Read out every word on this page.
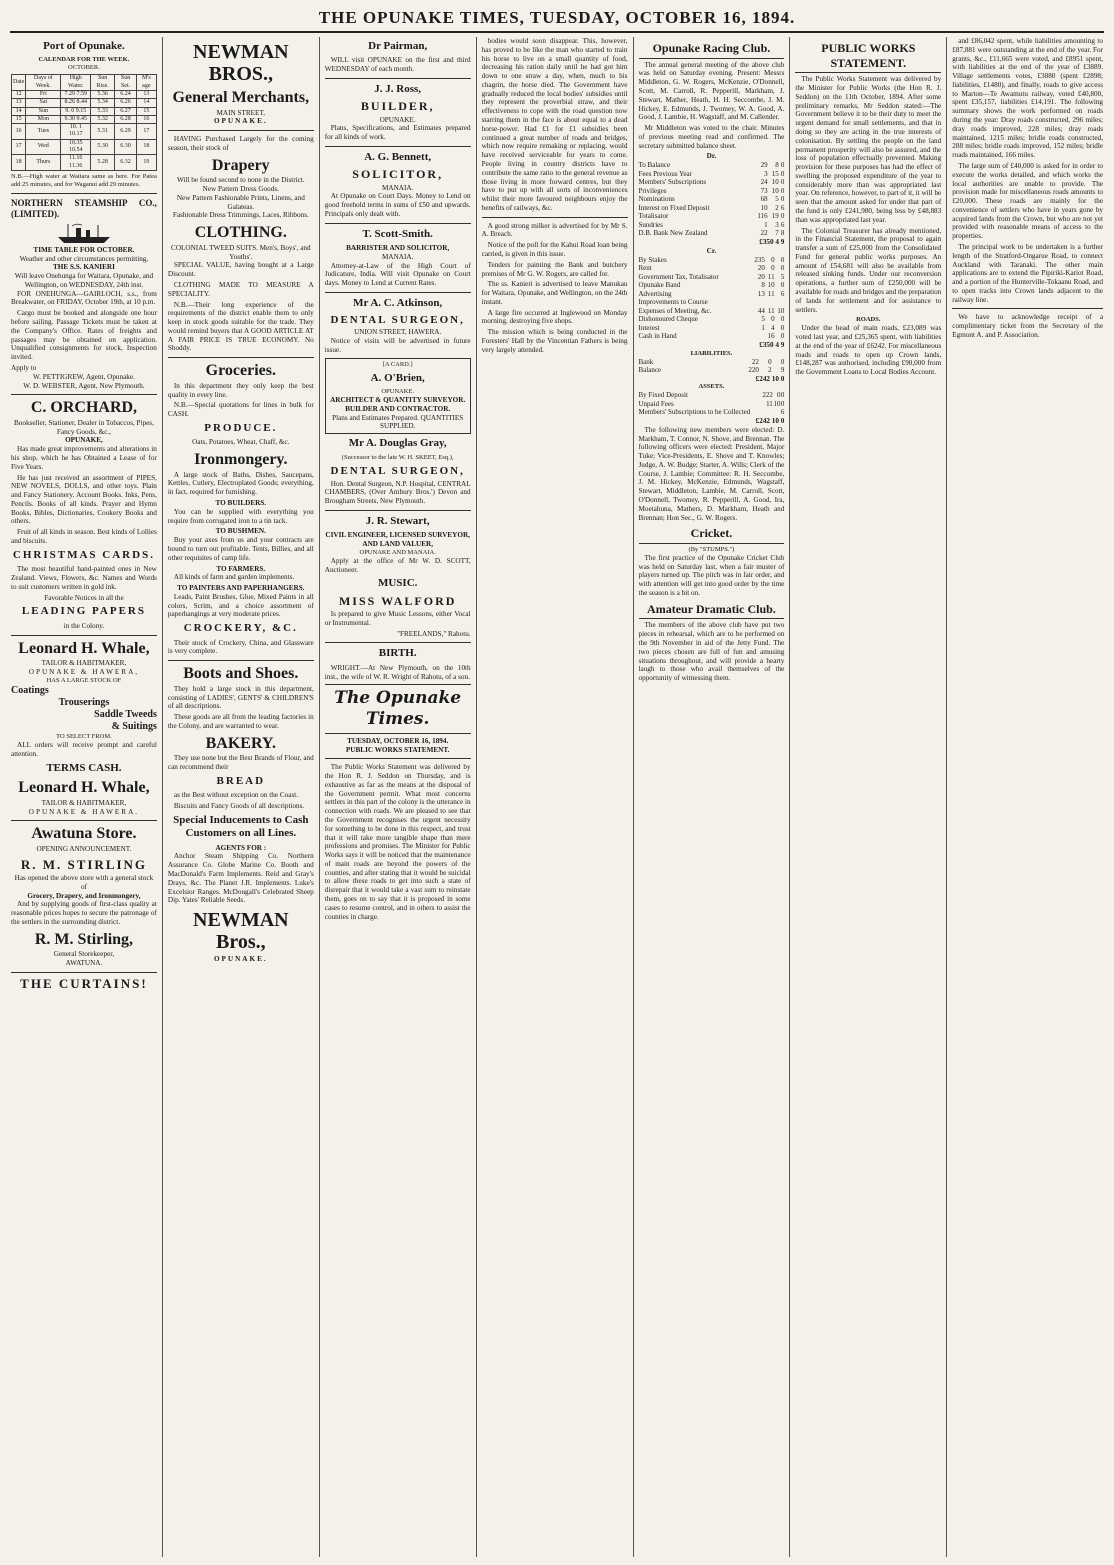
THE OPUNAKE TIMES, TUESDAY, OCTOBER 16, 1894.
Port of Opunake.
CALENDAR FOR THE WEEK.
OCTOBER.
Date	Days of Week.	High Water.	Sun Rise.	Sun Set.	M's age
12	Fri	7.29 7.59	5.36	6.24	13
13	Sat	8.26 8.44	5.34	6.26	14
14	Sun	9. 0 9.15	5.33	6.27	15
15	Mon	9.30 9.45	5.32	6.28	16
16	Tues	10. 1 10.17	5.31	6.29	17
17	Wed	10.35 10.54	5.30	6.30	18
18	Thurs	11.16 11.36	5.28	6.32	19
N.B.—High water at Waitara same as here. For Patea add 25 minutes, and for Waganui add 29 minutes.
NORTHERN STEAMSHIP CO., (LIMITED).
TIME TABLE FOR OCTOBER.
Weather and other circumstances permitting,
THE S.S. KANIERI
Will leave Onehunga for Waitara, Opunake, and Wellington, on WEDNESDAY, 24th inst.

FOR ONEHUNGA—GAIRLOCH, s.s., from Breakwater, on FRIDAY, October 19th, at 10 p.m.

Cargo must be booked and alongside one hour before sailing. Passage Tickets must be taken at the Company's Office. Rates of freights and passages may be obtained on application. Unqualified consignments for stock, Inspection invited.

Apply to
W. PETTIGREW, Agent, Opunake.
W. D. WEBSTER, Agent, New Plymouth.
C. ORCHARD,
Bookseller, Stationer, Dealer in Tobaccos, Pipes, Fancy Goods, &c.,
OPUNAKE,

Has made great improvements and alterations in his shop, which he has Obtained a Lease of for Five Years.

He has just received an assortment of PIPES, NEW NOVELS, DOLLS, and other toys. Plain and Fancy Stationery. Account Books. Inks, Pens, Pencils. Books of all kinds. Prayer and Hymn Books, Bibles, Dictionaries, Cookery Books and others.

Fruit of all kinds in season. Best kinds of Lollies and biscuits.

CHRISTMAS CARDS.

The most beautiful hand-painted ones in New Zealand. Views, Flowers, &c. Names and Words to suit customers written in gold ink.

Favorable Notices in all the
LEADING PAPERS
in the Colony.
Leonard H. Whale,
TAILOR & HABITMAKER,
OPUNAKE & HAWERA,
HAS A LARGE STOCK OF
Coatings
Trouserings
Saddle Tweeds
& Suitings
TO SELECT FROM.

ALL orders will receive prompt and careful attention.

TERMS CASH.
Leonard H. Whale,
TAILOR & HABITMAKER,
OPUNAKE & HAWERA.
Awatuna Store.
OPENING ANNOUNCEMENT.
R. M. STIRLING
Has opened the above store with a general stock of
Grocery, Drapery, and Ironmongery,

And by supplying goods of first-class quality at reasonable prices hopes to secure the patronage of the settlers in the surrounding district.

R. M. Stirling,
General Storekeeper,
AWATUNA.
THE CURTAINS!
NEWMAN BROS.,
General Merchants,
MAIN STREET,
OPUNAKE.

HAVING Purchased Largely for the coming season, their stock of

Drapery
Will be found second to none in the District.
New Pattern Dress Goods.
New Pattern Fashionable Prints, Linens, and Galateas.
Fashionable Dress Trimmings, Laces, Ribbons.
CLOTHING.
COLONIAL TWEED SUITS. Men's, Boys', and Youths'.

SPECIAL VALUE, having bought at a Large Discount.

CLOTHING MADE TO MEASURE A SPECIALITY.

N.B.—Their long experience of the requirements of the district enable them to only keep in stock goods suitable for the trade. They would remind buyers that A GOOD ARTICLE AT A FAIR PRICE IS TRUE ECONOMY. No Shoddy.

Groceries.

In this department they only keep the best quality in every line.

N.B.—Special quotations for lines in bulk for CASH.

PRODUCE.
Oats, Potatoes, Wheat, Chaff, &c.
Ironmongery.

A large stock of Baths, Dishes, Saucepans, Kettles, Cutlery, Electroplated Goods; everything, in fact, required for furnishing.

TO BUILDERS.

You can be supplied with everything you require from corrugated iron to a tin tack.

TO BUSHMEN.

Buy your axes from us and your contracts are bound to turn out profitable. Tents, Billies, and all other requisites of camp life.

TO FARMERS.

All kinds of farm and garden implements.

TO PAINTERS AND PAPERHANGERS.

Leads, Paint Brushes, Glue, Mixed Paints in all colors, Scrim, and a choice assortment of paperhangings at very moderate prices.

CROCKERY, &C.

Their stock of Crockery, China, and Glassware is very complete.

Boots and Shoes.

They hold a large stock in this department, consisting of LADIES', GENTS' & CHILDREN'S of all descriptions.

These goods are all from the leading factories in the Colony, and are warranted to wear.

BAKERY.

They use none but the Best Brands of Flour, and can recommend their

BREAD

as the Best without exception on the Coast.

Biscuits and Fancy Goods of all descriptions.

Special Inducements to Cash Customers on all Lines.
AGENTS FOR :

Anchor Steam Shipping Co. Northern Assurance Co. Globe Marine Co. Booth and MacDonald's Farm Implements. Reid and Gray's Drays, &c. The Planet J.R. Implements. Luke's Excelsior Ranges. McDougall's Celebrated Sheep Dip. Yates' Reliable Seeds.

NEWMAN Bros.,
OPUNAKE.
Dr Pairman,

WILL visit OPUNAKE on the first and third WEDNESDAY of each month.

J. J. Ross,
BUILDER,
OPUNAKE.

Plans, Specifications, and Estimates prepared for all kinds of work.

A. G. Bennett,
SOLICITOR,
MANAIA.

At Opunake on Court Days. Money to Lend on good freehold terms in sums of £50 and upwards. Principals only dealt with.

T. Scott-Smith.
BARRISTER AND SOLICITOR,
MANAIA.

Attorney-at-Law of the High Court of Judicature, India. Will visit Opunake on Court days. Money to Lend at Current Rates.

Mr A. C. Atkinson,
DENTAL SURGEON,
UNION STREET, HAWERA.

Notice of visits will be advertised in future issue.

[A CARD.]
A. O'Brien,
OPUNAKE.
ARCHITECT & QUANTITY SURVEYOR.
BUILDER AND CONTRACTOR.
Plans and Estimates Prepared. QUANTITIES SUPPLIED.
Mr A. Douglas Gray,
(Successor to the late W. H. SKEET, Esq.),
DENTAL SURGEON,

Hon. Dental Surgeon, N.P. Hospital, CENTRAL CHAMBERS, (Over Ambury Bros.') Devon and Brougham Streets, New Plymouth.

J. R. Stewart,
CIVIL ENGINEER, LICENSED SURVEYOR, AND LAND VALUER,
OPUNAKE AND MANAIA.

Apply at the office of Mr W. D. SCOTT, Auctioneer.

MUSIC.
MISS WALFORD

Is prepared to give Music Lessons, either Vocal or Instrumental.

"FREELANDS," Rahotu.
BIRTH.

WRIGHT.—At New Plymouth, on the 10th inst., the wife of W. R. Wright of Rahotu, of a son.

The Opunake Times.
TUESDAY, OCTOBER 16, 1894.
PUBLIC WORKS STATEMENT.

The Public Works Statement was delivered by the Hon R. J. Seddon on Thursday, and is exhaustive as far as the means at the disposal of the Government permit. What most concerns settlers in this part of the colony is the utterance in connection with roads. We are pleased to see that the Government recognises the urgent necessity for something to be done in this respect, and trust that it will take more tangible shape than mere professions and promises. The Minister for Public Works says it will be noticed that the maintenance of main roads are beyond the powers of the counties, and after stating that it would be suicidal to allow these roads to get into such a state of disrepair that it would take a vast sum to reinstate them, goes on to say that it is proposed in some cases to resume control, and in others to assist the counties in charge.

bodies would soon disappear. This, however, has proved to be like the man who started to train his horse to live on a small quantity of food, decreasing his ration daily until he had got him down to one straw a day, when, much to his chagrin, the horse died. The Government have gradually reduced the local bodies' subsidies until they represent the proverbial straw, and their effectiveness to cope with the road question now starring them in the face is about equal to a dead horse-power. Had £1 for £1 subsidies been continued a great number of roads and bridges, which now require remaking or replacing, would have received serviceable for years to come. People living in country districts have to contribute the same ratio to the general revenue as those living in more forward centres, but they have to put up with all sorts of inconveniences whilst their more favoured neighbours enjoy the benefits of railways, &c.

A good strong milker is advertised for by Mr S. A. Breach.

Notice of the poll for the Kahui Road loan being carried, is given in this issue.

Tenders for painting the Bank and butchery premises of Mr G. W. Rogers, are called for.

The ss. Kanieri is advertised to leave Manukau for Waitara, Opunake, and Wellington, on the 24th instant.

A large fire occurred at Inglewood on Monday morning, destroying five shops.

The mission which is being conducted in the Foresters' Hall by the Vincentian Fathers is being very largely attended.

Opunake Racing Club.

The annual general meeting of the above club was held on Saturday evening. Present: Messrs Middleton, G. W. Rogers, McKenzie, O'Donnell, Scott, M. Carroll, R. Pepperill, Markham, J. Stewart, Mather, Heath, H. H. Seccombe, J. M. Hickey, E. Edmunds, J. Twomey, W. A. Good, A. Good, J. Lambie, H. Wagstaff, and M. Callender.

Mr Middleton was voted to the chair. Minutes of previous meeting read and confirmed. The secretary submitted balance sheet.

Dr.
To Balance	29	8	0
Fees Previous Year	3	15	0
Members' Subscriptions	24	10	0
Privileges	73	10	0
Nominations	68	5	0
Interest on Fixed Deposit	10	2	6
Totalisator	116	19	0
Sundries	1	3	6
D.B. Bank New Zealand	22	7	8
£350 4 9
Cr.
By Stakes	235	0	0
Rent	20	0	0
Government Tax, Totalisator	20	11	5
Opunake Band	8	10	0
Advertising	13	11	6
Improvements to Course			
Expenses of Meeting, &c.	44	11	10
Dishonoured Cheque	5	0	0
Interest	1	4	0
Cash in Hand		16	0
£350 4 9
LIABILITIES.
Bank	22	0	0
Balance	220	2	9
£242 10 0
ASSETS.
By Fixed Deposit	222	0	0
Unpaid Fees	11	10	0
Members' Subscriptions to be Collected			6
£242 10 0

The following new members were elected: D. Markham, T. Connor, N. Shove, and Brennan. The following officers were elected: President, Major Tuke; Vice-Presidents, E. Shove and T. Knowles; Judge, A. W. Budge; Starter, A. Wills; Clerk of the Course, J. Lambie; Committee: R. H. Seccombe, J. M. Hickey, McKenzie, Edmunds, Wagstaff, Stewart, Middleton, Lambie, M. Carroll, Scott, O'Donnell, Twomey, R. Pepperill, A. Good, Ira, Moetahuna, Mathers, D. Markham, Heath and Brennan; Hon Sec., G. W. Rogers.

Cricket.
(By "STUMPS.")

The first practice of the Opunake Cricket Club was held on Saturday last, when a fair muster of players turned up. The pitch was in fair order, and with attention will get into good order by the time the season is a bit on.

Amateur Dramatic Club.

The members of the above club have put two pieces in rehearsal, which are to be performed on the 9th November in aid of the Jetty Fund. The two pieces chosen are full of fun and amusing situations throughout, and will provide a hearty laugh to those who avail themselves of the opportunity of witnessing them.

PUBLIC WORKS STATEMENT.

The Public Works Statement was delivered by the Minister for Public Works (the Hon R. J. Seddon) on the 11th October, 1894. After some preliminary remarks, Mr Seddon stated:—The Government believe it to be their duty to meet the urgent demand for small settlements, and that in doing so they are acting in the true interests of colonisation. By settling the people on the land permanent prosperity will also be assured, and the loss of population effectually prevented. Making provision for these purposes has had the effect of swelling the proposed expenditure of the year to considerably more than was appropriated last year. On reference, however, to part of it, it will be seen that the amount asked for under that part of the fund is only £241,980, being less by £48,883 than was appropriated last year.

The Colonial Treasurer has already mentioned, in the Financial Statement, the proposal to again transfer a sum of £25,000 from the Consolidated Fund for general public works purposes. An amount of £54,681 will also be available from released sinking funds. Under our reconversion operations, a further sum of £250,000 will be available for roads and bridges and the preparation of lands for settlement and for assistance to settlers.

ROADS.

Under the head of main roads, £23,089 was voted last year, and £25,365 spent, with liabilities at the end of the year of £6242. For miscellaneous roads and roads to open up Crown lands, £148,287 was authorised, including £90,000 from the Government Loans to Local Bodies Account.

and £86,042 spent, while liabilities amounting to £87,881 were outstanding at the end of the year. For grants, &c., £11,665 were voted, and £8951 spent, with liabilities at the end of the year of £3889. Village settlements votes, £3880 (spent £2898; liabilities, £1480), and finally, roads to give access to Marton—Te Awamutu railway, voted £40,800, spent £35,157, liabilities £14,191. The following summary shows the work performed on roads during the year: Dray roads constructed, 296 miles; dray roads improved, 228 miles; dray roads maintained, 1215 miles; bridle roads constructed, 288 miles; bridle roads improved, 152 miles; bridle roads maintained, 166 miles.

The large sum of £40,000 is asked for in order to execute the works detailed, and which works the local authorities are unable to provide. The provision made for miscellaneous roads amounts to £20,000. These roads are mainly for the convenience of settlers who have in years gone by acquired lands from the Crown, but who are not yet provided with reasonable means of access to the properties.

The principal work to be undertaken is a further length of the Stratford-Ongarue Road, to connect Auckland with Taranaki. The other main applications are to extend the Pipiriki-Kariot Road, and a portion of the Hunterville-Tokaanu Road, and to open tracks into Crown lands adjacent to the railway line.

We have to acknowledge receipt of a complimentary ticket from the Secretary of the Egmont A. and P. Association.
